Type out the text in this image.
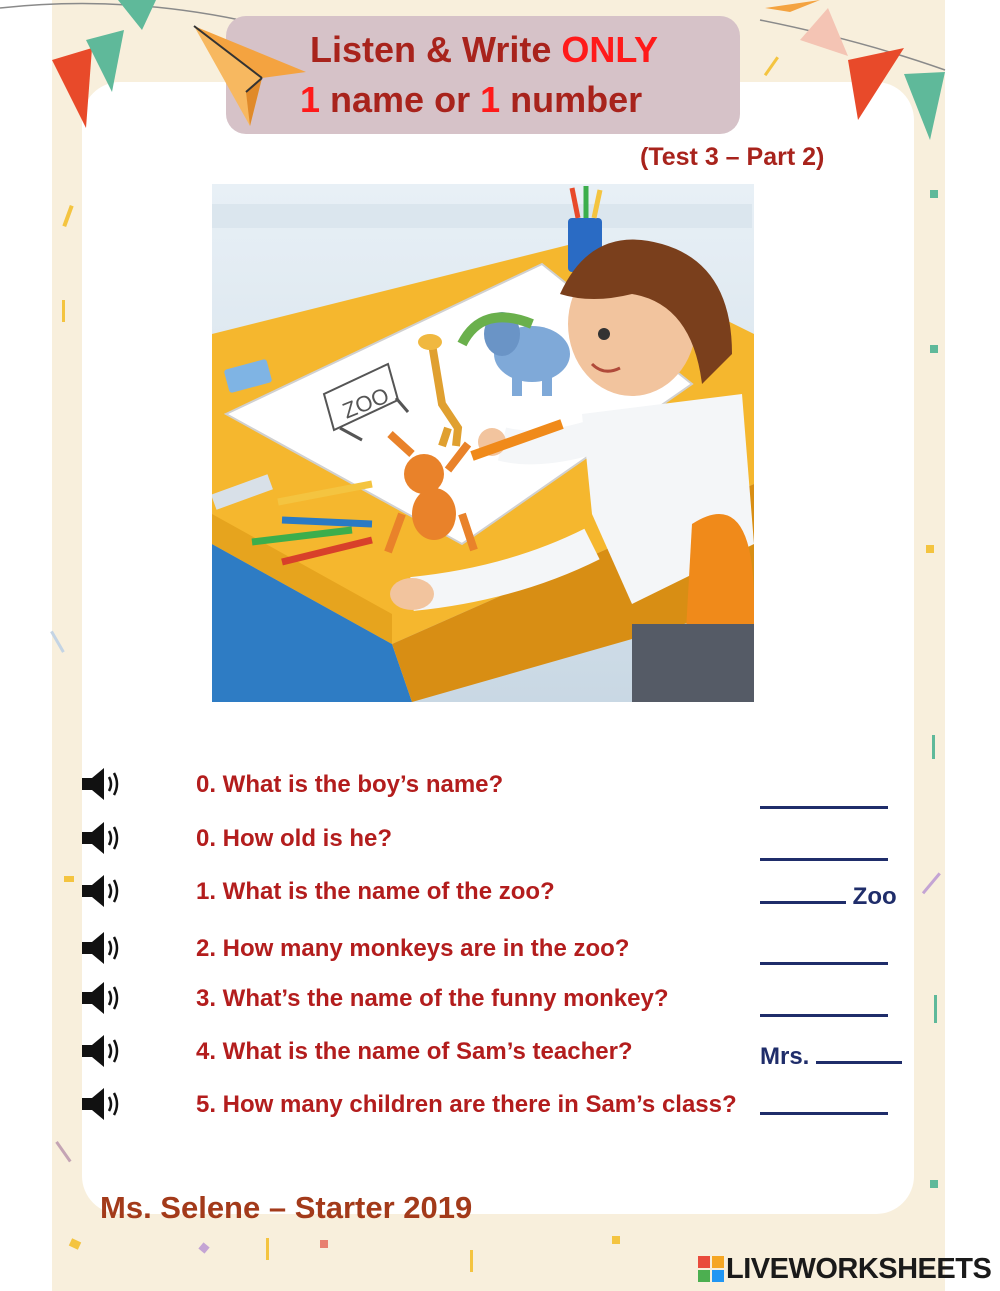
Listen & Write ONLY
1 name or 1 number
(Test 3 – Part 2)
ZOO
0. What is the boy’s name?
0. How old is he?
1. What is the name of the zoo?	Zoo
2. How many monkeys are in the zoo?
3. What’s the name of the funny monkey?
4. What is the name of Sam’s teacher?	Mrs.
5. How many children are there in Sam’s class?
Ms. Selene – Starter 2019
LIVEWORKSHEETS
